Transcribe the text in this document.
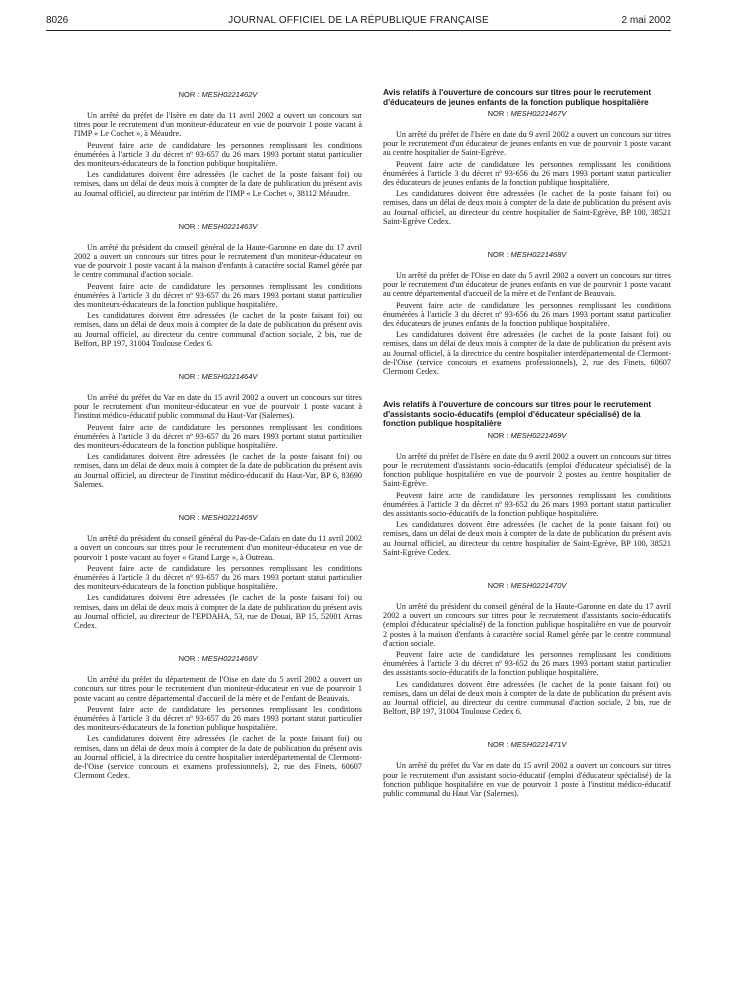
8026	JOURNAL OFFICIEL DE LA RÉPUBLIQUE FRANÇAISE	2 mai 2002
NOR : MESH0221462V

Un arrêté du préfet de l'Isère en date du 11 avril 2002 a ouvert un concours sur titres pour le recrutement d'un moniteur-éducateur en vue de pourvoir 1 poste vacant à l'IMP « Le Cochet », à Méaudre.

Peuvent faire acte de candidature les personnes remplissant les conditions énumérées à l'article 3 du décret nº 93-657 du 26 mars 1993 portant statut particulier des moniteurs-éducateurs de la fonction publique hospitalière.

Les candidatures doivent être adressées (le cachet de la poste faisant foi) ou remises, dans un délai de deux mois à compter de la date de publication du présent avis au Journal officiel, au directeur par intérim de l'IMP « Le Cochet », 38112 Méaudre.

NOR : MESH0221463V

Un arrêté du président du conseil général de la Haute-Garonne en date du 17 avril 2002 a ouvert un concours sur titres pour le recrutement d'un moniteur-éducateur en vue de pourvoir 1 poste vacant à la maison d'enfants à caractère social Ramel gérée par le centre communal d'action sociale.

Peuvent faire acte de candidature les personnes remplissant les conditions énumérées à l'article 3 du décret nº 93-657 du 26 mars 1993 portant statut particulier des moniteurs-éducateurs de la fonction publique hospitalière.

Les candidatures doivent être adressées (le cachet de la poste faisant foi) ou remises, dans un délai de deux mois à compter de la date de publication du présent avis au Journal officiel, au directeur du centre communal d'action sociale, 2 bis, rue de Belfort, BP 197, 31004 Toulouse Cedex 6.

NOR : MESH0221464V

Un arrêté du préfet du Var en date du 15 avril 2002 a ouvert un concours sur titres pour le recrutement d'un moniteur-éducateur en vue de pourvoir 1 poste vacant à l'institut médico-éducatif public communal du Haut-Var (Salernes).

Peuvent faire acte de candidature les personnes remplissant les conditions énumérées à l'article 3 du décret nº 93-657 du 26 mars 1993 portant statut particulier des moniteurs-éducateurs de la fonction publique hospitalière.

Les candidatures doivent être adressées (le cachet de la poste faisant foi) ou remises, dans un délai de deux mois à compter de la date de publication du présent avis au Journal officiel, au directeur de l'institut médico-éducatif du Haut-Var, BP 6, 83690 Salernes.

NOR : MESH0221465V

Un arrêté du président du conseil général du Pas-de-Calais en date du 11 avril 2002 a ouvert un concours sur titres pour le recrutement d'un moniteur-éducateur en vue de pourvoir 1 poste vacant au foyer « Grand Large », à Outreau.

Peuvent faire acte de candidature les personnes remplissant les conditions énumérées à l'article 3 du décret nº 93-657 du 26 mars 1993 portant statut particulier des moniteurs-éducateurs de la fonction publique hospitalière.

Les candidatures doivent être adressées (le cachet de la poste faisant foi) ou remises, dans un délai de deux mois à compter de la date de publication du présent avis au Journal officiel, au directeur de l'EPDAHA, 53, rue de Douai, BP 15, 52001 Arras Cedex.

NOR : MESH0221466V

Un arrêté du préfet du département de l'Oise en date du 5 avril 2002 a ouvert un concours sur titres pour le recrutement d'un moniteur-éducateur en vue de pourvoir 1 poste vacant au centre départemental d'accueil de la mère et de l'enfant de Beauvais.

Peuvent faire acte de candidature les personnes remplissant les conditions énumérées à l'article 3 du décret nº 93-657 du 26 mars 1993 portant statut particulier des moniteurs-éducateurs de la fonction publique hospitalière.

Les candidatures doivent être adressées (le cachet de la poste faisant foi) ou remises, dans un délai de deux mois à compter de la date de publication du présent avis au Journal officiel, à la directrice du centre hospitalier interdépartemental de Clermont-de-l'Oise (service concours et examens professionnels), 2, rue des Finets, 60607 Clermont Cedex.

Avis relatifs à l'ouverture de concours sur titres pour le recrutement d'éducateurs de jeunes enfants de la fonction publique hospitalière
NOR : MESH0221467V

Un arrêté du préfet de l'Isère en date du 9 avril 2002 a ouvert un concours sur titres pour le recrutement d'un éducateur de jeunes enfants en vue de pourvoir 1 poste vacant au centre hospitalier de Saint-Egrève.

Peuvent faire acte de candidature les personnes remplissant les conditions énumérées à l'article 3 du décret nº 93-656 du 26 mars 1993 portant statut particulier des éducateurs de jeunes enfants de la fonction publique hospitalière.

Les candidatures doivent être adressées (le cachet de la poste faisant foi) ou remises, dans un délai de deux mois à compter de la date de publication du présent avis au Journal officiel, au directeur du centre hospitalier de Saint-Egrève, BP 100, 38521 Saint-Egrève Cedex.

NOR : MESH0221468V

Un arrêté du préfet de l'Oise en date du 5 avril 2002 a ouvert un concours sur titres pour le recrutement d'un éducateur de jeunes enfants en vue de pourvoir 1 poste vacant au centre départemental d'accueil de la mère et de l'enfant de Beauvais.

Peuvent faire acte de candidature les personnes remplissant les conditions énumérées à l'article 3 du décret nº 93-656 du 26 mars 1993 portant statut particulier des éducateurs de jeunes enfants de la fonction publique hospitalière.

Les candidatures doivent être adressées (le cachet de la poste faisant foi) ou remises, dans un délai de deux mois à compter de la date de publication du présent avis au Journal officiel, à la directrice du centre hospitalier interdépartemental de Clermont-de-l'Oise (service concours et examens professionnels), 2, rue des Finets, 60607 Clermont Cedex.

Avis relatifs à l'ouverture de concours sur titres pour le recrutement d'assistants socio-éducatifs (emploi d'éducateur spécialisé) de la fonction publique hospitalière
NOR : MESH0221469V

Un arrêté du préfet de l'Isère en date du 9 avril 2002 a ouvert un concours sur titres pour le recrutement d'assistants socio-éducatifs (emploi d'éducateur spécialisé) de la fonction publique hospitalière en vue de pourvoir 2 postes au centre hospitalier de Saint-Egrève.

Peuvent faire acte de candidature les personnes remplissant les conditions énumérées à l'article 3 du décret nº 93-652 du 26 mars 1993 portant statut particulier des assistants socio-éducatifs de la fonction publique hospitalière.

Les candidatures doivent être adressées (le cachet de la poste faisant foi) ou remises, dans un délai de deux mois à compter de la date de publication du présent avis au Journal officiel, au directeur du centre hospitalier de Saint-Egrève, BP 100, 38521 Saint-Egrève Cedex.

NOR : MESH0221470V

Un arrêté du président du conseil général de la Haute-Garonne en date du 17 avril 2002 a ouvert un concours sur titres pour le recrutement d'assistants socio-éducatifs (emploi d'éducateur spécialisé) de la fonction publique hospitalière en vue de pourvoir 2 postes à la maison d'enfants à caractère social Ramel gérée par le centre communal d'action sociale.

Peuvent faire acte de candidature les personnes remplissant les conditions énumérées à l'article 3 du décret nº 93-652 du 26 mars 1993 portant statut particulier des assistants socio-éducatifs de la fonction publique hospitalière.

Les candidatures doivent être adressées (le cachet de la poste faisant foi) ou remises, dans un délai de deux mois à compter de la date de publication du présent avis au Journal officiel, au directeur du centre communal d'action sociale, 2 bis, rue de Belfort, BP 197, 31004 Toulouse Cedex 6.

NOR : MESH0221471V

Un arrêté du préfet du Var en date du 15 avril 2002 a ouvert un concours sur titres pour le recrutement d'un assistant socio-éducatif (emploi d'éducateur spécialisé) de la fonction publique hospitalière en vue de pourvoir 1 poste à l'institut médico-éducatif public communal du Haut Var (Salernes).
